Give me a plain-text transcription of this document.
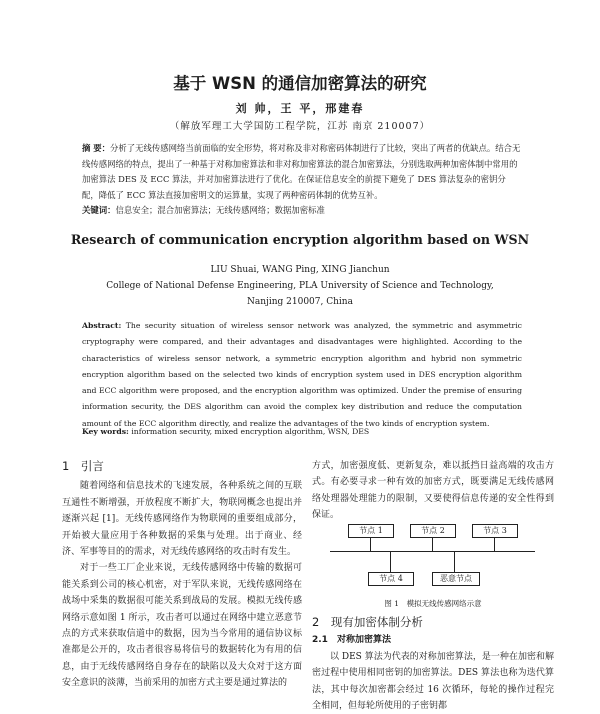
基于 WSN 的通信加密算法的研究
刘 帅，王 平，邢建春
（解放军理工大学国防工程学院，江苏 南京 210007）
摘 要：分析了无线传感网络当前面临的安全形势，将对称及非对称密码体制进行了比较，突出了两者的优缺点。结合无线传感网络的特点，提出了一种基于对称加密算法和非对称加密算法的混合加密算法，分别选取两种加密体制中常用的加密算法 DES 及 ECC 算法，并对加密算法进行了优化。在保证信息安全的前提下避免了 DES 算法复杂的密钥分配，降低了 ECC 算法直接加密明文的运算量，实现了两种密码体制的优势互补。
关键词：信息安全；混合加密算法；无线传感网络；数据加密标准
Research of communication encryption algorithm based on WSN
LIU Shuai, WANG Ping, XING Jianchun
College of National Defense Engineering, PLA University of Science and Technology,
Nanjing 210007, China
Abstract: The security situation of wireless sensor network was analyzed, the symmetric and asymmetric cryptography were compared, and their advantages and disadvantages were highlighted. According to the characteristics of wireless sensor network, a symmetric encryption algorithm and hybrid non symmetric encryption algorithm based on the selected two kinds of encryption system used in DES encryption algorithm and ECC algorithm were proposed, and the encryption algorithm was optimized. Under the premise of ensuring information security, the DES algorithm can avoid the complex key distribution and reduce the computation amount of the ECC algorithm directly, and realize the advantages of the two kinds of encryption system.
Key words: information security, mixed encryption algorithm, WSN, DES
1　引言

随着网络和信息技术的飞速发展，各种系统之间的互联互通性不断增强，开放程度不断扩大，物联网概念也提出并逐渐兴起 [1]。无线传感网络作为物联网的重要组成部分，开始被大量应用于各种数据的采集与处理。出于商业、经济、军事等目的的需求，对无线传感网络的攻击时有发生。

对于一些工厂企业来说，无线传感网络中传输的数据可能关系到公司的核心机密，对于军队来说，无线传感网络在战场中采集的数据很可能关系到战局的发展。模拟无线传感网络示意如图 1 所示，攻击者可以通过在网络中建立恶意节点的方式来获取信道中的数据，因为当今常用的通信协议标准都是公开的，攻击者很容易将信号的数据转化为有用的信息，由于无线传感网络自身存在的缺陷以及大众对于这方面安全意识的淡薄，当前采用的加密方式主要是通过算法的

方式，加密强度低、更新复杂，难以抵挡日益高端的攻击方式。有必要寻求一种有效的加密方式，既要满足无线传感网络处理器处理能力的限制，又要使得信息传递的安全性得到保证。

节点 1	节点 2	节点 3
节点 4	恶意节点
图 1　模拟无线传感网络示意
2　现有加密体制分析
2.1　对称加密算法

以 DES 算法为代表的对称加密算法，是一种在加密和解密过程中使用相同密钥的加密算法。DES 算法也称为迭代算法，其中每次加密都会经过 16 次循环，每轮的操作过程完全相同，但每轮所使用的子密钥都
